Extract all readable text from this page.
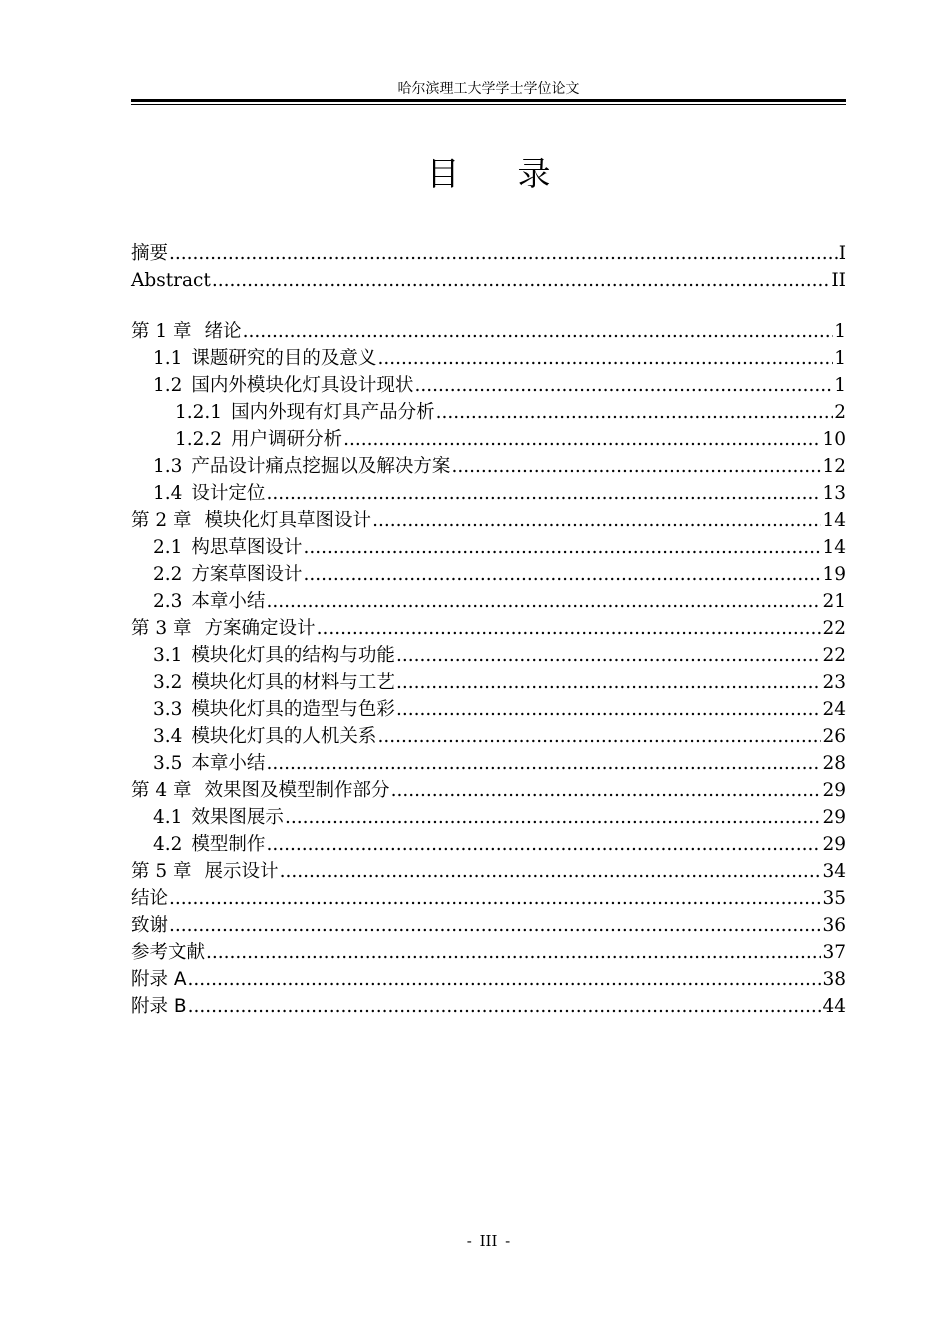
哈尔滨理工大学学士学位论文
目录
摘要 .....	I
Abstract .....	II
第 1 章 绪论 .....	1
1.1 课题研究的目的及意义 .....	1
1.2 国内外模块化灯具设计现状 .....	1
1.2.1 国内外现有灯具产品分析 .....	2
1.2.2 用户调研分析 .....	10
1.3 产品设计痛点挖掘以及解决方案 .....	12
1.4 设计定位 .....	13
第 2 章 模块化灯具草图设计 .....	14
2.1 构思草图设计 .....	14
2.2 方案草图设计 .....	19
2.3 本章小结 .....	21
第 3 章 方案确定设计 .....	22
3.1 模块化灯具的结构与功能 .....	22
3.2 模块化灯具的材料与工艺 .....	23
3.3 模块化灯具的造型与色彩 .....	24
3.4 模块化灯具的人机关系 .....	26
3.5 本章小结 .....	28
第 4 章 效果图及模型制作部分 .....	29
4.1 效果图展示 .....	29
4.2 模型制作 .....	29
第 5 章 展示设计 .....	34
结论 .....	35
致谢 .....	36
参考文献 .....	37
附录 A .....	38
附录 B .....	44
- III -
